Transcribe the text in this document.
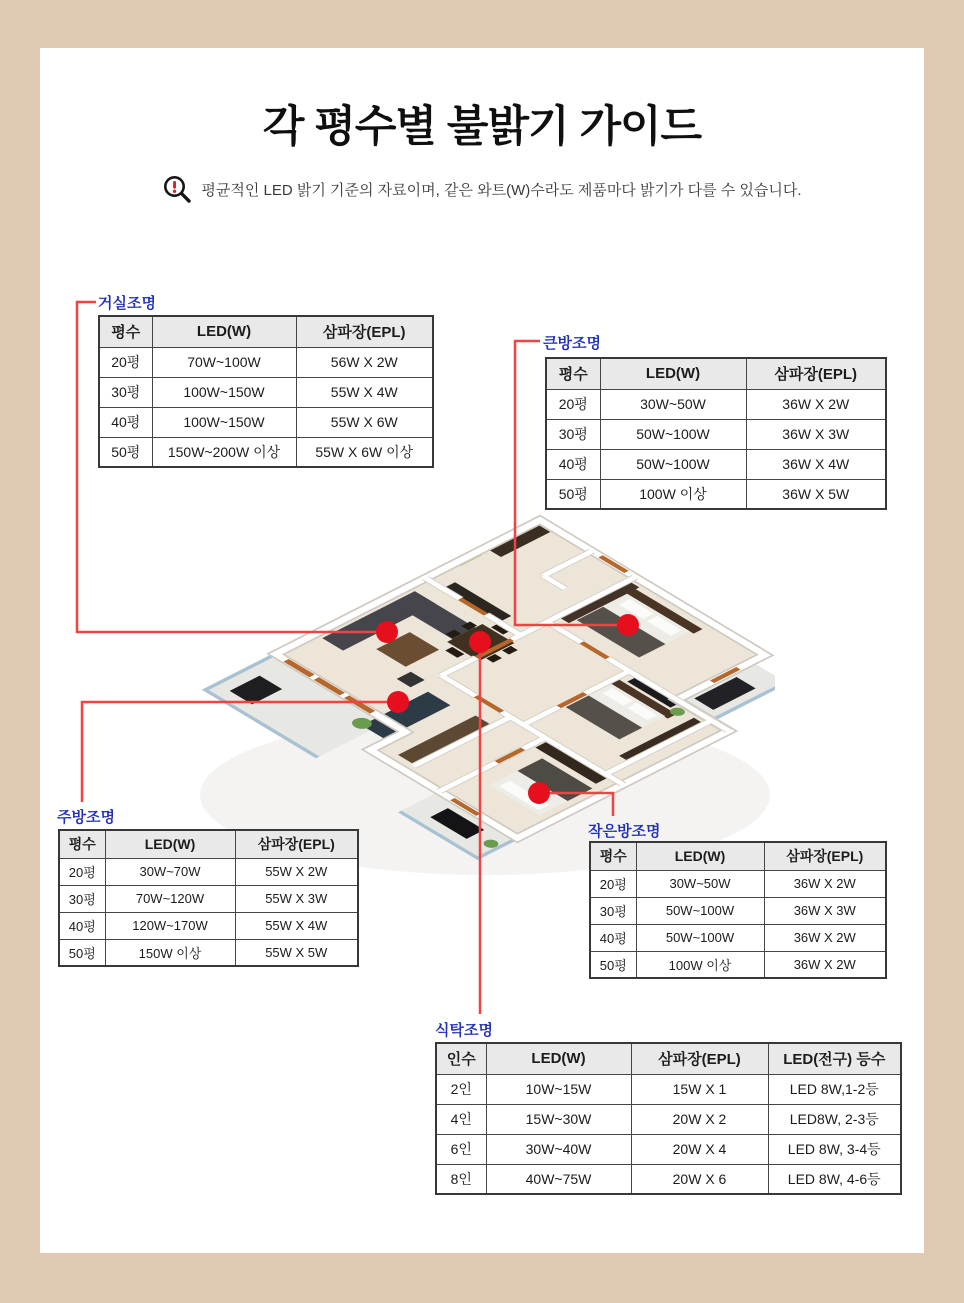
각 평수별 불밝기 가이드
평균적인 LED 밝기 기준의 자료이며, 같은 와트(W)수라도 제품마다 밝기가 다를 수 있습니다.
거실조명
큰방조명
주방조명
작은방조명
식탁조명
평수	LED(W)	삼파장(EPL)
20평	70W~100W	56W X 2W
30평	100W~150W	55W X 4W
40평	100W~150W	55W X 6W
50평	150W~200W 이상	55W X 6W 이상
평수	LED(W)	삼파장(EPL)
20평	30W~50W	36W X 2W
30평	50W~100W	36W X 3W
40평	50W~100W	36W X 4W
50평	100W 이상	36W X 5W
평수	LED(W)	삼파장(EPL)
20평	30W~70W	55W X 2W
30평	70W~120W	55W X 3W
40평	120W~170W	55W X 4W
50평	150W 이상	55W X 5W
평수	LED(W)	삼파장(EPL)
20평	30W~50W	36W X 2W
30평	50W~100W	36W X 3W
40평	50W~100W	36W X 2W
50평	100W 이상	36W X 2W
인수	LED(W)	삼파장(EPL)	LED(전구) 등수
2인	10W~15W	15W X 1	LED 8W,1-2등
4인	15W~30W	20W X 2	LED8W, 2-3등
6인	30W~40W	20W X 4	LED 8W, 3-4등
8인	40W~75W	20W X 6	LED 8W, 4-6등
